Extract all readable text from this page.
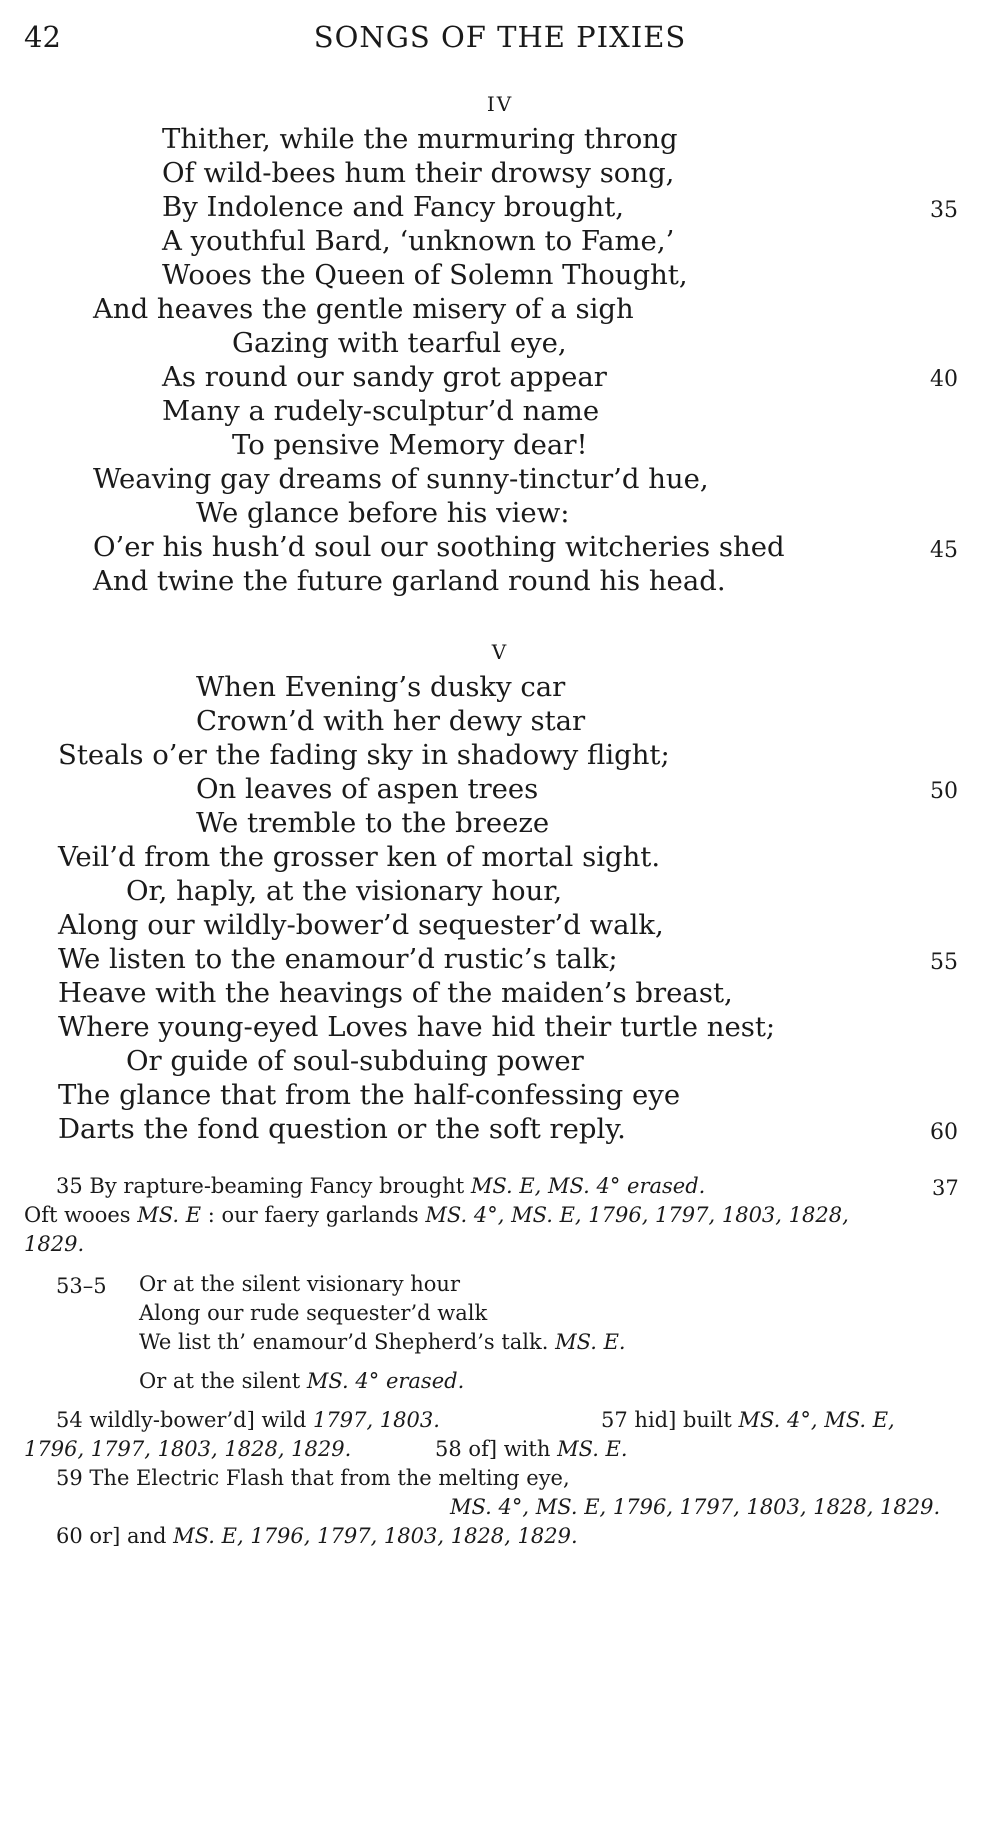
42	SONGS OF THE PIXIES
IV
Thither, while the murmuring throng
Of wild-bees hum their drowsy song,
By Indolence and Fancy brought,	35
A youthful Bard, ‘unknown to Fame,’
Wooes the Queen of Solemn Thought,
And heaves the gentle misery of a sigh
Gazing with tearful eye,
As round our sandy grot appear	40
Many a rudely-sculptur’d name
To pensive Memory dear!
Weaving gay dreams of sunny-tinctur’d hue,
We glance before his view:
O’er his hush’d soul our soothing witcheries shed	45
And twine the future garland round his head.
V
When Evening’s dusky car
Crown’d with her dewy star
Steals o’er the fading sky in shadowy flight;
On leaves of aspen trees	50
We tremble to the breeze
Veil’d from the grosser ken of mortal sight.
Or, haply, at the visionary hour,
Along our wildly-bower’d sequester’d walk,
We listen to the enamour’d rustic’s talk;	55
Heave with the heavings of the maiden’s breast,
Where young-eyed Loves have hid their turtle nest;
Or guide of soul-subduing power
The glance that from the half-confessing eye
Darts the fond question or the soft reply.	60
35 By rapture-beaming Fancy brought MS. E, MS. 4° erased.	37
Oft wooes MS. E : our faery garlands MS. 4°, MS. E, 1796, 1797, 1803, 1828,
1829.
53–5 Or at the silent visionary hour
Along our rude sequester’d walk
We list th’ enamour’d Shepherd’s talk. MS. E.
Or at the silent MS. 4° erased.
54 wildly-bower’d] wild 1797, 1803.	57 hid] built MS. 4°, MS. E,
1796, 1797, 1803, 1828, 1829.	58 of] with MS. E.
59 The Electric Flash that from the melting eye,
MS. 4°, MS. E, 1796, 1797, 1803, 1828, 1829.
60 or] and MS. E, 1796, 1797, 1803, 1828, 1829.
